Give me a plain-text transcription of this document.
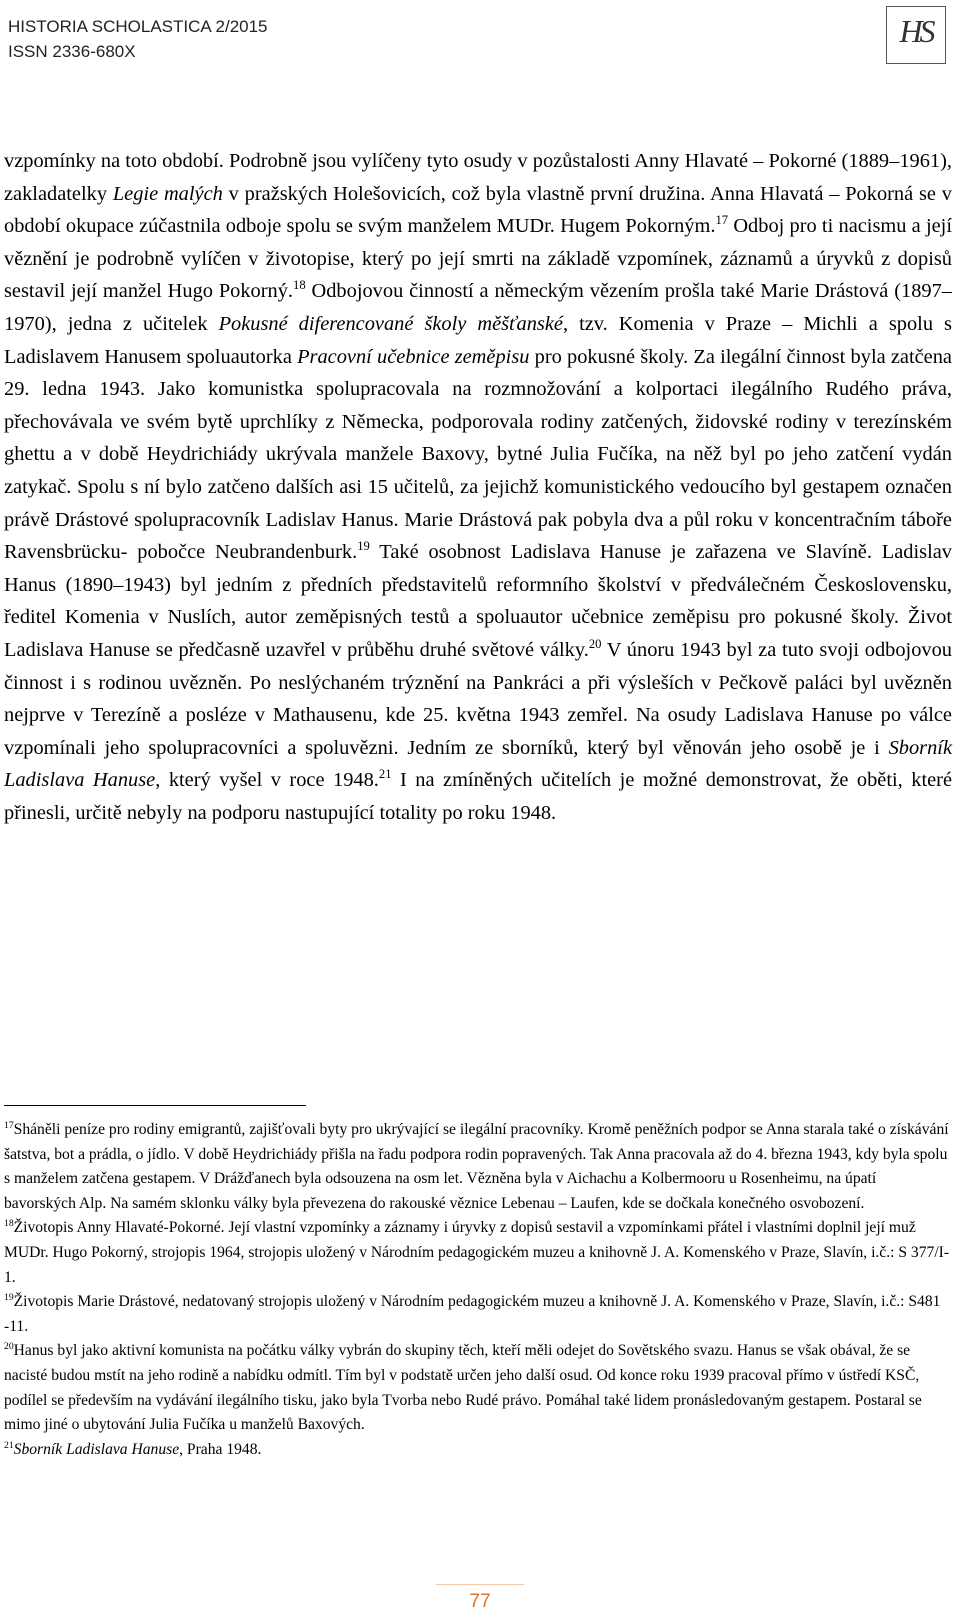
HISTORIA SCHOLASTICA 2/2015
ISSN 2336-680X
HS

vzpomínky na toto období. Podrobně jsou vylíčeny tyto osudy v pozůstalosti Anny Hlavaté – Pokorné (1889–1961), zakladatelky Legie malých v pražských Holešovicích, což byla vlastně první družina. Anna Hlavatá – Pokorná se v období okupace zúčastnila odboje spolu se svým manželem MUDr. Hugem Pokorným.$^{17}$ Odboj pro ti nacismu a její věznění je podrobně vylíčen v životopise, který po její smrti na základě vzpomínek, záznamů a úryvků z dopisů sestavil její manžel Hugo Pokorný.$^{18}$ Odbojovou činností a německým vězením prošla také Marie Drástová (1897–1970), jedna z učitelek Pokusné diferencované školy měšťanské, tzv. Komenia v Praze – Michli a spolu s Ladislavem Hanusem spoluautorka Pracovní učebnice zeměpisu pro pokusné školy. Za ilegální činnost byla zatčena 29. ledna 1943. Jako komunistka spolupracovala na rozmnožování a kolportaci ilegálního Rudého práva, přechovávala ve svém bytě uprchlíky z Německa, podporovala rodiny zatčených, židovské rodiny v terezínském ghettu a v době Heydrichiády ukrývala manžele Baxovy, bytné Julia Fučíka, na něž byl po jeho zatčení vydán zatykač. Spolu s ní bylo zatčeno dalších asi 15 učitelů, za jejichž komunistického vedoucího byl gestapem označen právě Drástové spolupracovník Ladislav Hanus. Marie Drástová pak pobyla dva a půl roku v koncentračním táboře Ravensbrücku- pobočce Neubrandenburk.$^{19}$ Také osobnost Ladislava Hanuse je zařazena ve Slavíně. Ladislav Hanus (1890–1943) byl jedním z předních představitelů reformního školství v předválečném Československu, ředitel Komenia v Nuslích, autor zeměpisných testů a spoluautor učebnice zeměpisu pro pokusné školy. Život Ladislava Hanuse se předčasně uzavřel v průběhu druhé světové války.$^{20}$ V únoru 1943 byl za tuto svoji odbojovou činnost i s rodinou uvězněn. Po neslýchaném trýznění na Pankráci a při výsleších v Pečkově paláci byl uvězněn nejprve v Terezíně a posléze v Mathausenu, kde 25. května 1943 zemřel. Na osudy Ladislava Hanuse po válce vzpomínali jeho spolupracovníci a spoluvězni. Jedním ze sborníků, který byl věnován jeho osobě je i Sborník Ladislava Hanuse, který vyšel v roce 1948.21 I na zmíněných učitelích je možné demonstrovat, že oběti, které přinesli, určitě nebyly na podporu nastupující totality po roku 1948.

$^{17}$Sháněli peníze pro rodiny emigrantů, zajišťovali byty pro ukrývající se ilegální pracovníky. Kromě peněžních podpor se Anna starala také o získávání šatstva, bot a prádla, o jídlo. V době Heydrichiády přišla na řadu podpora rodin popravených. Tak Anna pracovala až do 4. března 1943, kdy byla spolu s manželem zatčena gestapem. V Drážďanech byla odsouzena na osm let. Vězněna byla v Aichachu a Kolbermooru u Rosenheimu, na úpatí bavorských Alp. Na samém sklonku války byla převezena do rakouské věznice Lebenau – Laufen, kde se dočkala konečného osvobození.

$^{18}$Životopis Anny Hlavaté-Pokorné. Její vlastní vzpomínky a záznamy i úryvky z dopisů sestavil a vzpomínkami přátel i vlastními doplnil její muž MUDr. Hugo Pokorný, strojopis 1964, strojopis uložený v Národním pedagogickém muzeu a knihovně J. A. Komenského v Praze, Slavín, i.č.: S 377/I-1.

$^{19}$Životopis Marie Drástové, nedatovaný strojopis uložený v Národním pedagogickém muzeu a knihovně J. A. Komenského v Praze, Slavín, i.č.: S481 -11.

$^{20}$Hanus byl jako aktivní komunista na počátku války vybrán do skupiny těch, kteří měli odejet do Sovětského svazu. Hanus se však obával, že se nacisté budou mstít na jeho rodině a nabídku odmítl. Tím byl v podstatě určen jeho další osud. Od konce roku 1939 pracoval přímo v ústředí KSČ, podílel se především na vydávání ilegálního tisku, jako byla Tvorba nebo Rudé právo. Pomáhal také lidem pronásledovaným gestapem. Postaral se mimo jiné o ubytování Julia Fučíka u manželů Baxových.

$^{21}$Sborník Ladislava Hanuse, Praha 1948.

77
